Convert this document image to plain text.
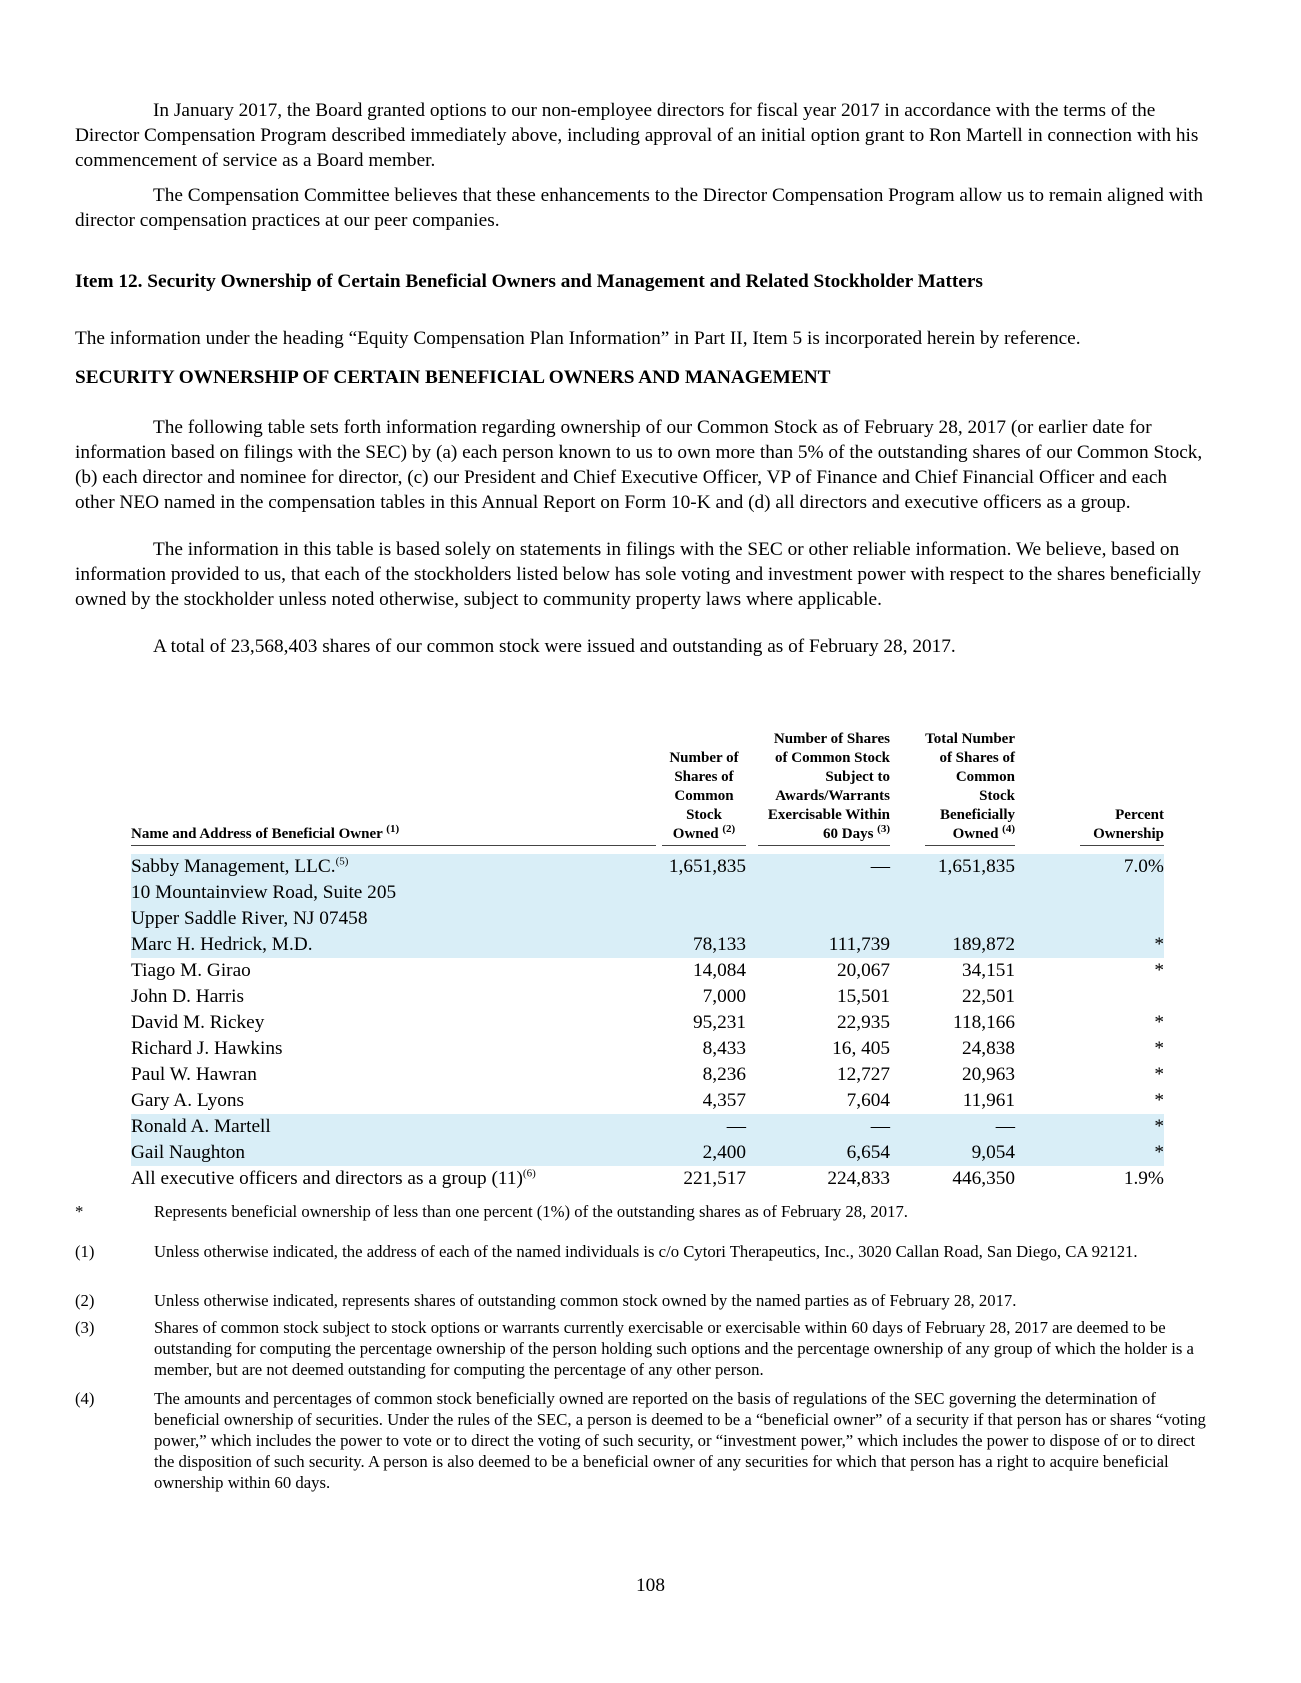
In January 2017, the Board granted options to our non-employee directors for fiscal year 2017 in accordance with the terms of the Director Compensation Program described immediately above, including approval of an initial option grant to Ron Martell in connection with his commencement of service as a Board member.

The Compensation Committee believes that these enhancements to the Director Compensation Program allow us to remain aligned with director compensation practices at our peer companies.

Item 12. Security Ownership of Certain Beneficial Owners and Management and Related Stockholder Matters

The information under the heading “Equity Compensation Plan Information” in Part II, Item 5 is incorporated herein by reference.

SECURITY OWNERSHIP OF CERTAIN BENEFICIAL OWNERS AND MANAGEMENT

The following table sets forth information regarding ownership of our Common Stock as of February 28, 2017 (or earlier date for information based on filings with the SEC) by (a) each person known to us to own more than 5% of the outstanding shares of our Common Stock, (b) each director and nominee for director, (c) our President and Chief Executive Officer, VP of Finance and Chief Financial Officer and each other NEO named in the compensation tables in this Annual Report on Form 10-K and (d) all directors and executive officers as a group.

The information in this table is based solely on statements in filings with the SEC or other reliable information. We believe, based on information provided to us, that each of the stockholders listed below has sole voting and investment power with respect to the shares beneficially owned by the stockholder unless noted otherwise, subject to community property laws where applicable.

A total of 23,568,403 shares of our common stock were issued and outstanding as of February 28, 2017.

Name and Address of Beneficial Owner $^{(1)}$	Number of Shares of Common Stock Owned $^{(2)}$	Number of Shares of Common Stock Subject to Awards/Warrants Exercisable Within 60 Days $^{(3)}$	Total Number of Shares of Common Stock Beneficially Owned $^{(4)}$	Percent Ownership

Sabby Management, LLC.$^{(5)}$	1,651,835	—	1,651,835	7.0%
10 Mountainview Road, Suite 205				
Upper Saddle River, NJ 07458				
Marc H. Hedrick, M.D.	78,133	111,739	189,872	*
Tiago M. Girao	14,084	20,067	34,151	*
John D. Harris	7,000	15,501	22,501	
David M. Rickey	95,231	22,935	118,166	*
Richard J. Hawkins	8,433	16, 405	24,838	*
Paul W. Hawran	8,236	12,727	20,963	*
Gary A. Lyons	4,357	7,604	11,961	*
Ronald A. Martell	—	—	—	*
Gail Naughton	2,400	6,654	9,054	*
All executive officers and directors as a group $(11)^{(6)}$	221,517	224,833	446,350	1.9%
*	Represents beneficial ownership of less than one percent (1%) of the outstanding shares as of February 28, 2017.
(1)	Unless otherwise indicated, the address of each of the named individuals is c/o Cytori Therapeutics, Inc., 3020 Callan Road, San Diego, CA 92121.
(2)	Unless otherwise indicated, represents shares of outstanding common stock owned by the named parties as of February 28, 2017.
(3)	Shares of common stock subject to stock options or warrants currently exercisable or exercisable within 60 days of February 28, 2017 are deemed to be outstanding for computing the percentage ownership of the person holding such options and the percentage ownership of any group of which the holder is a member, but are not deemed outstanding for computing the percentage of any other person.
(4)	The amounts and percentages of common stock beneficially owned are reported on the basis of regulations of the SEC governing the determination of beneficial ownership of securities. Under the rules of the SEC, a person is deemed to be a “beneficial owner” of a security if that person has or shares “voting power,” which includes the power to vote or to direct the voting of such security, or “investment power,” which includes the power to dispose of or to direct the disposition of such security. A person is also deemed to be a beneficial owner of any securities for which that person has a right to acquire beneficial ownership within 60 days.
108
